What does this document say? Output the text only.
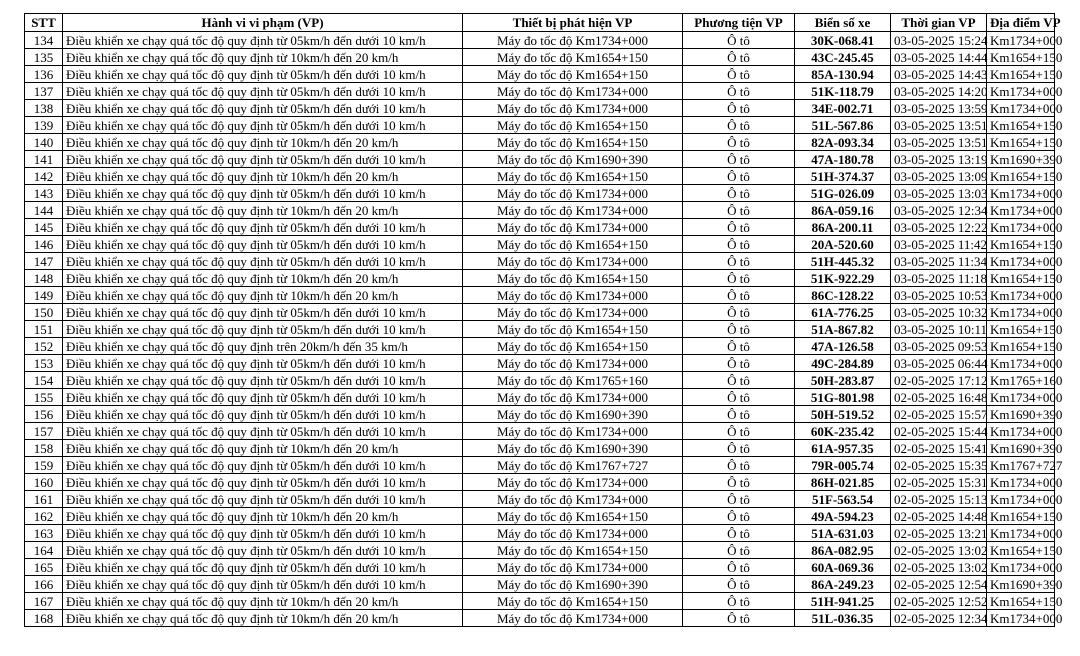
STT	Hành vi vi phạm (VP)	Thiết bị phát hiện VP	Phương tiện VP	Biển số xe	Thời gian VP	Địa điểm VP
134	Điều khiển xe chạy quá tốc độ quy định từ 05km/h đến dưới 10 km/h	Máy đo tốc độ Km1734+000	Ô tô	30K-068.41	03-05-2025 15:24	Km1734+000
135	Điều khiển xe chạy quá tốc độ quy định từ 10km/h đến 20 km/h	Máy đo tốc độ Km1654+150	Ô tô	43C-245.45	03-05-2025 14:44	Km1654+150
136	Điều khiển xe chạy quá tốc độ quy định từ 05km/h đến dưới 10 km/h	Máy đo tốc độ Km1654+150	Ô tô	85A-130.94	03-05-2025 14:43	Km1654+150
137	Điều khiển xe chạy quá tốc độ quy định từ 05km/h đến dưới 10 km/h	Máy đo tốc độ Km1734+000	Ô tô	51K-118.79	03-05-2025 14:20	Km1734+000
138	Điều khiển xe chạy quá tốc độ quy định từ 05km/h đến dưới 10 km/h	Máy đo tốc độ Km1734+000	Ô tô	34E-002.71	03-05-2025 13:59	Km1734+000
139	Điều khiển xe chạy quá tốc độ quy định từ 05km/h đến dưới 10 km/h	Máy đo tốc độ Km1654+150	Ô tô	51L-567.86	03-05-2025 13:51	Km1654+150
140	Điều khiển xe chạy quá tốc độ quy định từ 10km/h đến 20 km/h	Máy đo tốc độ Km1654+150	Ô tô	82A-093.34	03-05-2025 13:51	Km1654+150
141	Điều khiển xe chạy quá tốc độ quy định từ 05km/h đến dưới 10 km/h	Máy đo tốc độ Km1690+390	Ô tô	47A-180.78	03-05-2025 13:19	Km1690+390
142	Điều khiển xe chạy quá tốc độ quy định từ 10km/h đến 20 km/h	Máy đo tốc độ Km1654+150	Ô tô	51H-374.37	03-05-2025 13:09	Km1654+150
143	Điều khiển xe chạy quá tốc độ quy định từ 05km/h đến dưới 10 km/h	Máy đo tốc độ Km1734+000	Ô tô	51G-026.09	03-05-2025 13:03	Km1734+000
144	Điều khiển xe chạy quá tốc độ quy định từ 10km/h đến 20 km/h	Máy đo tốc độ Km1734+000	Ô tô	86A-059.16	03-05-2025 12:34	Km1734+000
145	Điều khiển xe chạy quá tốc độ quy định từ 05km/h đến dưới 10 km/h	Máy đo tốc độ Km1734+000	Ô tô	86A-200.11	03-05-2025 12:22	Km1734+000
146	Điều khiển xe chạy quá tốc độ quy định từ 05km/h đến dưới 10 km/h	Máy đo tốc độ Km1654+150	Ô tô	20A-520.60	03-05-2025 11:42	Km1654+150
147	Điều khiển xe chạy quá tốc độ quy định từ 05km/h đến dưới 10 km/h	Máy đo tốc độ Km1734+000	Ô tô	51H-445.32	03-05-2025 11:34	Km1734+000
148	Điều khiển xe chạy quá tốc độ quy định từ 10km/h đến 20 km/h	Máy đo tốc độ Km1654+150	Ô tô	51K-922.29	03-05-2025 11:18	Km1654+150
149	Điều khiển xe chạy quá tốc độ quy định từ 10km/h đến 20 km/h	Máy đo tốc độ Km1734+000	Ô tô	86C-128.22	03-05-2025 10:53	Km1734+000
150	Điều khiển xe chạy quá tốc độ quy định từ 05km/h đến dưới 10 km/h	Máy đo tốc độ Km1734+000	Ô tô	61A-776.25	03-05-2025 10:32	Km1734+000
151	Điều khiển xe chạy quá tốc độ quy định từ 05km/h đến dưới 10 km/h	Máy đo tốc độ Km1654+150	Ô tô	51A-867.82	03-05-2025 10:11	Km1654+150
152	Điều khiển xe chạy quá tốc độ quy định trên 20km/h đến 35 km/h	Máy đo tốc độ Km1654+150	Ô tô	47A-126.58	03-05-2025 09:53	Km1654+150
153	Điều khiển xe chạy quá tốc độ quy định từ 05km/h đến dưới 10 km/h	Máy đo tốc độ Km1734+000	Ô tô	49C-284.89	03-05-2025 06:44	Km1734+000
154	Điều khiển xe chạy quá tốc độ quy định từ 05km/h đến dưới 10 km/h	Máy đo tốc độ Km1765+160	Ô tô	50H-283.87	02-05-2025 17:12	Km1765+160
155	Điều khiển xe chạy quá tốc độ quy định từ 05km/h đến dưới 10 km/h	Máy đo tốc độ Km1734+000	Ô tô	51G-801.98	02-05-2025 16:48	Km1734+000
156	Điều khiển xe chạy quá tốc độ quy định từ 05km/h đến dưới 10 km/h	Máy đo tốc độ Km1690+390	Ô tô	50H-519.52	02-05-2025 15:57	Km1690+390
157	Điều khiển xe chạy quá tốc độ quy định từ 05km/h đến dưới 10 km/h	Máy đo tốc độ Km1734+000	Ô tô	60K-235.42	02-05-2025 15:44	Km1734+000
158	Điều khiển xe chạy quá tốc độ quy định từ 10km/h đến 20 km/h	Máy đo tốc độ Km1690+390	Ô tô	61A-957.35	02-05-2025 15:41	Km1690+390
159	Điều khiển xe chạy quá tốc độ quy định từ 05km/h đến dưới 10 km/h	Máy đo tốc độ Km1767+727	Ô tô	79R-005.74	02-05-2025 15:35	Km1767+727
160	Điều khiển xe chạy quá tốc độ quy định từ 05km/h đến dưới 10 km/h	Máy đo tốc độ Km1734+000	Ô tô	86H-021.85	02-05-2025 15:31	Km1734+000
161	Điều khiển xe chạy quá tốc độ quy định từ 05km/h đến dưới 10 km/h	Máy đo tốc độ Km1734+000	Ô tô	51F-563.54	02-05-2025 15:13	Km1734+000
162	Điều khiển xe chạy quá tốc độ quy định từ 10km/h đến 20 km/h	Máy đo tốc độ Km1654+150	Ô tô	49A-594.23	02-05-2025 14:48	Km1654+150
163	Điều khiển xe chạy quá tốc độ quy định từ 05km/h đến dưới 10 km/h	Máy đo tốc độ Km1734+000	Ô tô	51A-631.03	02-05-2025 13:21	Km1734+000
164	Điều khiển xe chạy quá tốc độ quy định từ 05km/h đến dưới 10 km/h	Máy đo tốc độ Km1654+150	Ô tô	86A-082.95	02-05-2025 13:02	Km1654+150
165	Điều khiển xe chạy quá tốc độ quy định từ 05km/h đến dưới 10 km/h	Máy đo tốc độ Km1734+000	Ô tô	60A-069.36	02-05-2025 13:02	Km1734+000
166	Điều khiển xe chạy quá tốc độ quy định từ 05km/h đến dưới 10 km/h	Máy đo tốc độ Km1690+390	Ô tô	86A-249.23	02-05-2025 12:54	Km1690+390
167	Điều khiển xe chạy quá tốc độ quy định từ 10km/h đến 20 km/h	Máy đo tốc độ Km1654+150	Ô tô	51H-941.25	02-05-2025 12:52	Km1654+150
168	Điều khiển xe chạy quá tốc độ quy định từ 10km/h đến 20 km/h	Máy đo tốc độ Km1734+000	Ô tô	51L-036.35	02-05-2025 12:34	Km1734+000
